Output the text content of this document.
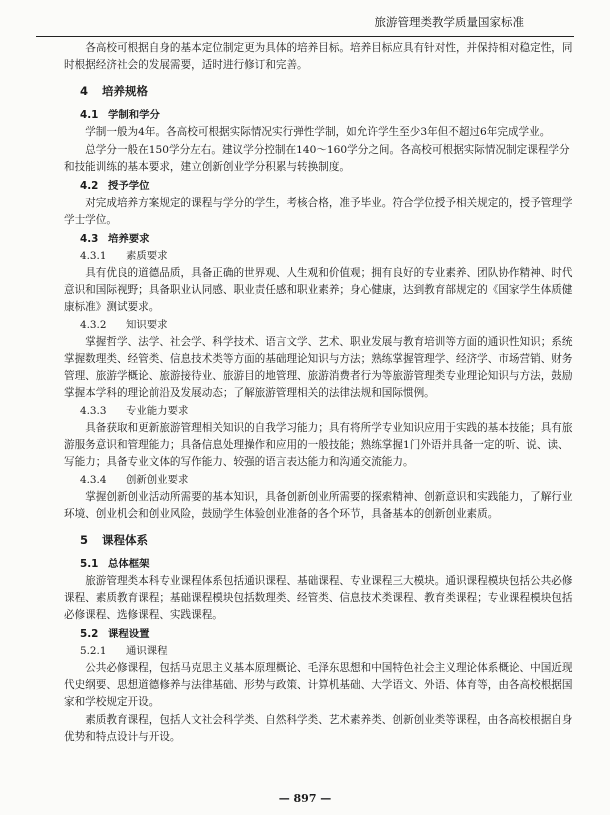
旅游管理类教学质量国家标准
各高校可根据自身的基本定位制定更为具体的培养目标。培养目标应具有针对性，并保持相对稳定性，同时根据经济社会的发展需要，适时进行修订和完善。
4 培养规格
4.1 学制和学分
学制一般为4年。各高校可根据实际情况实行弹性学制，如允许学生至少3年但不超过6年完成学业。
总学分一般在150学分左右。建议学分控制在140～160学分之间。各高校可根据实际情况制定课程学分和技能训练的基本要求，建立创新创业学分积累与转换制度。
4.2 授予学位
对完成培养方案规定的课程与学分的学生，考核合格，准予毕业。符合学位授予相关规定的，授予管理学学士学位。
4.3 培养要求
4.3.1 素质要求
具有优良的道德品质，具备正确的世界观、人生观和价值观；拥有良好的专业素养、团队协作精神、时代意识和国际视野；具备职业认同感、职业责任感和职业素养；身心健康，达到教育部规定的《国家学生体质健康标准》测试要求。
4.3.2 知识要求
掌握哲学、法学、社会学、科学技术、语言文学、艺术、职业发展与教育培训等方面的通识性知识；系统掌握数理类、经管类、信息技术类等方面的基础理论知识与方法；熟练掌握管理学、经济学、市场营销、财务管理、旅游学概论、旅游接待业、旅游目的地管理、旅游消费者行为等旅游管理类专业理论知识与方法，鼓励掌握本学科的理论前沿及发展动态；了解旅游管理相关的法律法规和国际惯例。
4.3.3 专业能力要求
具备获取和更新旅游管理相关知识的自我学习能力；具有将所学专业知识应用于实践的基本技能；具有旅游服务意识和管理能力；具备信息处理操作和应用的一般技能；熟练掌握1门外语并具备一定的听、说、读、写能力；具备专业文体的写作能力、较强的语言表达能力和沟通交流能力。
4.3.4 创新创业要求
掌握创新创业活动所需要的基本知识，具备创新创业所需要的探索精神、创新意识和实践能力，了解行业环境、创业机会和创业风险，鼓励学生体验创业准备的各个环节，具备基本的创新创业素质。
5 课程体系
5.1 总体框架
旅游管理类本科专业课程体系包括通识课程、基础课程、专业课程三大模块。通识课程模块包括公共必修课程、素质教育课程；基础课程模块包括数理类、经管类、信息技术类课程、教育类课程；专业课程模块包括必修课程、选修课程、实践课程。
5.2 课程设置
5.2.1 通识课程
公共必修课程，包括马克思主义基本原理概论、毛泽东思想和中国特色社会主义理论体系概论、中国近现代史纲要、思想道德修养与法律基础、形势与政策、计算机基础、大学语文、外语、体育等，由各高校根据国家和学校规定开设。
素质教育课程，包括人文社会科学类、自然科学类、艺术素养类、创新创业类等课程，由各高校根据自身优势和特点设计与开设。
— 897 —
